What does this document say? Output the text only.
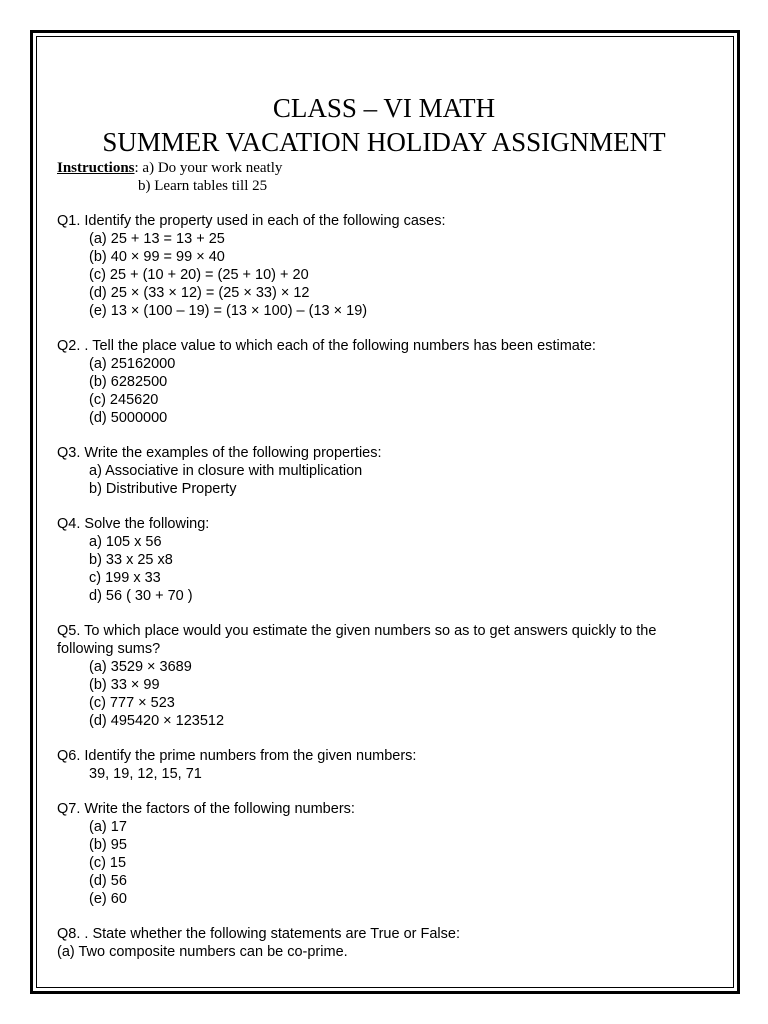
CLASS – VI MATH
SUMMER VACATION HOLIDAY ASSIGNMENT
Instructions: a) Do your work neatly
b) Learn tables till 25
Q1. Identify the property used in each of the following cases:
(a) 25 + 13 = 13 + 25
(b) 40 × 99 = 99 × 40
(c) 25 + (10 + 20) = (25 + 10) + 20
(d) 25 × (33 × 12) = (25 × 33) × 12
(e) 13 × (100 – 19) = (13 × 100) – (13 × 19)
Q2. . Tell the place value to which each of the following numbers has been estimate:
(a) 25162000
(b) 6282500
(c) 245620
(d) 5000000
Q3. Write the examples of the following properties:
a) Associative in closure with multiplication
b) Distributive Property
Q4. Solve the following:
a) 105 x 56
b) 33 x 25 x8
c) 199 x 33
d) 56 ( 30 + 70 )
Q5. To which place would you estimate the given numbers so as to get answers quickly to the
following sums?
(a) 3529 × 3689
(b) 33 × 99
(c) 777 × 523
(d) 495420 × 123512
Q6. Identify the prime numbers from the given numbers:
39, 19, 12, 15, 71
Q7. Write the factors of the following numbers:
(a) 17
(b) 95
(c) 15
(d) 56
(e) 60
Q8. . State whether the following statements are True or False:
(a) Two composite numbers can be co-prime.
